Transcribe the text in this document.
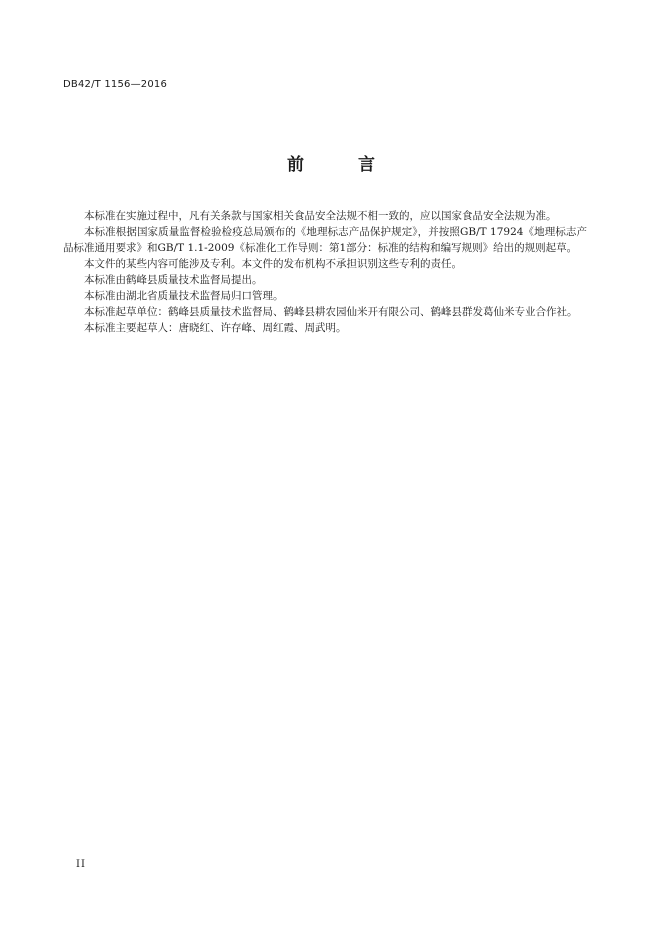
DB42/T 1156—2016
前 言

本标准在实施过程中，凡有关条款与国家相关食品安全法规不相一致的，应以国家食品安全法规为准。

本标准根据国家质量监督检验检疫总局颁布的《地理标志产品保护规定》，并按照GB/T 17924《地理标志产品标准通用要求》和GB/T 1.1-2009《标准化工作导则：第1部分：标准的结构和编写规则》给出的规则起草。

本文件的某些内容可能涉及专利。本文件的发布机构不承担识别这些专利的责任。

本标准由鹤峰县质量技术监督局提出。

本标准由湖北省质量技术监督局归口管理。

本标准起草单位：鹤峰县质量技术监督局、鹤峰县耕农园仙米开有限公司、鹤峰县群发葛仙米专业合作社。

本标准主要起草人：唐晓红、许存峰、周红霞、周武明。

II
